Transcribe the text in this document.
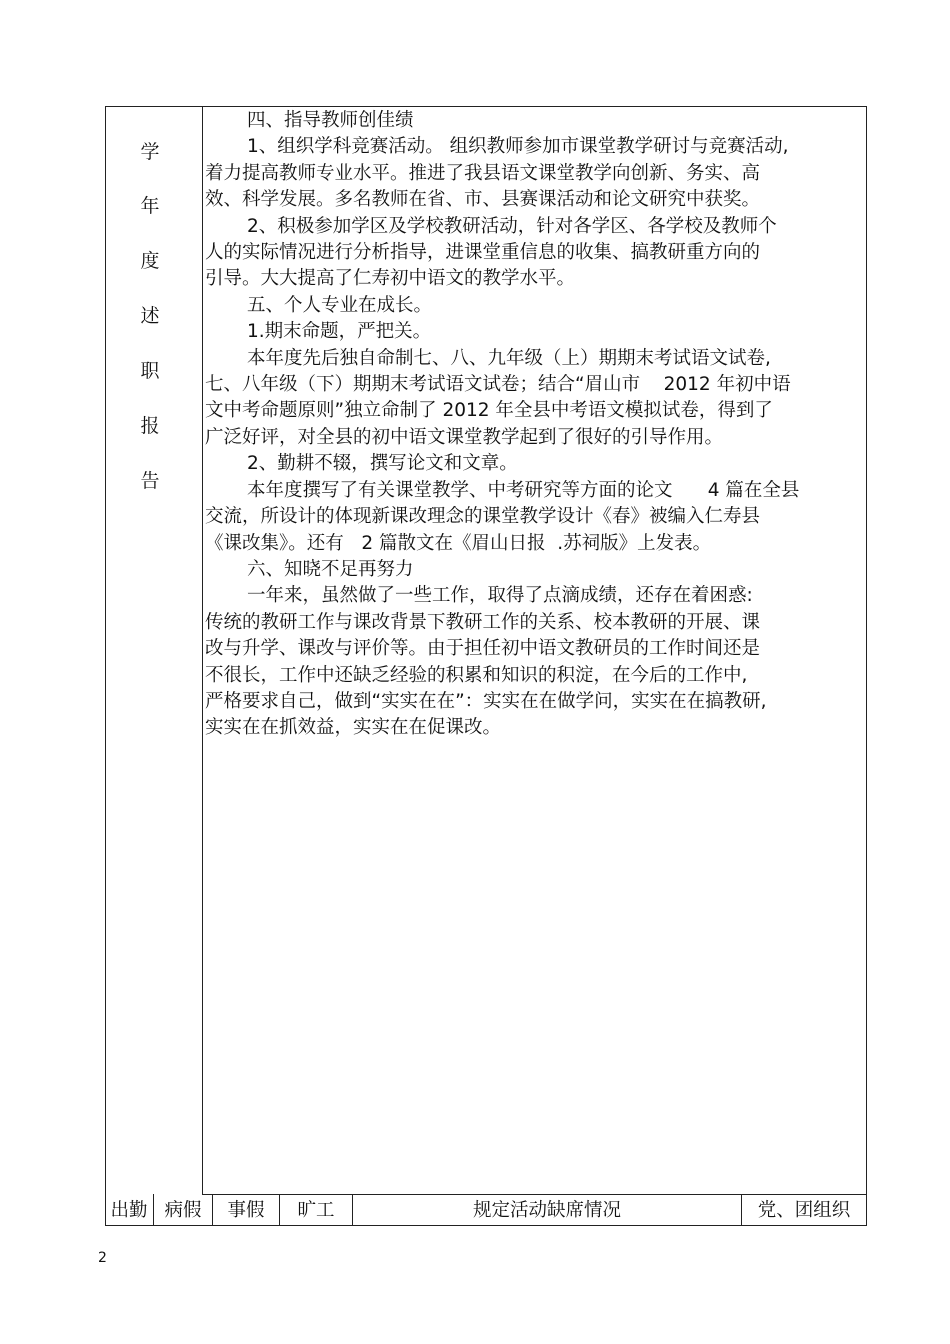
学
年
度
述
职
报
告
四、指导教师创佳绩
1、组织学科竞赛活动。 组织教师参加市课堂教学研讨与竞赛活动,
着力提高教师专业水平。推进了我县语文课堂教学向创新、务实、高
效、科学发展。多名教师在省、市、县赛课活动和论文研究中获奖。
2、积极参加学区及学校教研活动，针对各学区、各学校及教师个
人的实际情况进行分析指导，进课堂重信息的收集、搞教研重方向的
引导。大大提高了仁寿初中语文的教学水平。
五、个人专业在成长。
1.期末命题，严把关。
本年度先后独自命制七、八、九年级（上）期期末考试语文试卷,
七、八年级（下）期期末考试语文试卷；结合“眉山市    2012 年初中语
文中考命题原则”独立命制了 2012 年全县中考语文模拟试卷，得到了
广泛好评，对全县的初中语文课堂教学起到了很好的引导作用。
2、勤耕不辍，撰写论文和文章。
本年度撰写了有关课堂教学、中考研究等方面的论文      4 篇在全县
交流，所设计的体现新课改理念的课堂教学设计《春》被编入仁寿县
《课改集》。还有   2 篇散文在《眉山日报  .苏祠版》上发表。
六、知晓不足再努力
一年来，虽然做了一些工作，取得了点滴成绩，还存在着困惑:
传统的教研工作与课改背景下教研工作的关系、校本教研的开展、课
改与升学、课改与评价等。由于担任初中语文教研员的工作时间还是
不很长，工作中还缺乏经验的积累和知识的积淀，在今后的工作中,
严格要求自己，做到“实实在在”：实实在在做学问，实实在在搞教研,
实实在在抓效益，实实在在促课改。
出勤 病假	事假	旷工	规定活动缺席情况	党、团组织
2
